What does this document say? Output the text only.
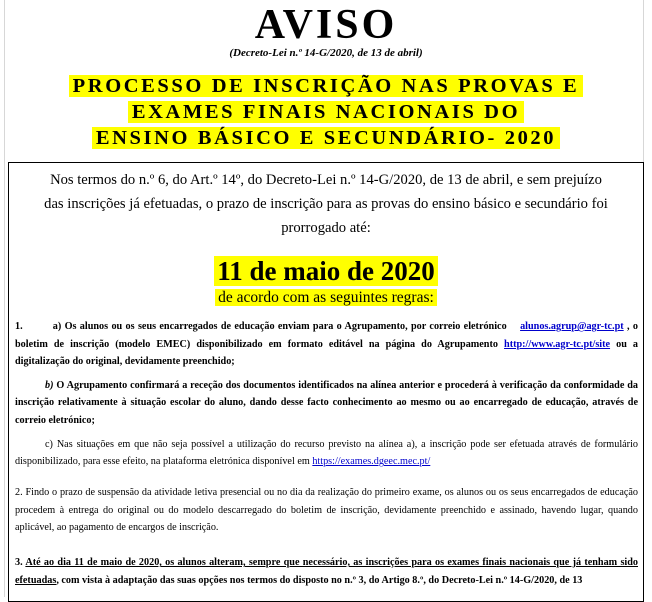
AVISO
(Decreto-Lei n.º 14-G/2020, de 13 de abril)
PROCESSO DE INSCRIÇÃO NAS PROVAS E
EXAMES FINAIS NACIONAIS DO
ENSINO BÁSICO E SECUNDÁRIO- 2020
Nos termos do n.º 6, do Art.º 14º, do Decreto-Lei n.º 14-G/2020, de 13 de abril, e sem prejuízo
das inscrições já efetuadas, o prazo de inscrição para as provas do ensino básico e secundário foi
prorrogado até:
11 de maio de 2020
de acordo com as seguintes regras:
1.	a) Os alunos ou os seus encarregados de educação enviam para o Agrupamento, por correio eletrónico alunos.agrup@agr-tc.pt , o boletim de inscrição (modelo EMEC) disponibilizado em formato editável na página do Agrupamento http://www.agr-tc.pt/site ou a digitalização do original, devidamente preenchido;
b) O Agrupamento confirmará a receção dos documentos identificados na alínea anterior e procederá à verificação da conformidade da inscrição relativamente à situação escolar do aluno, dando desse facto conhecimento ao mesmo ou ao encarregado de educação, através de correio eletrónico;
c) Nas situações em que não seja possível a utilização do recurso previsto na alínea a), a inscrição pode ser efetuada através de formulário disponibilizado, para esse efeito, na plataforma eletrónica disponível em https://exames.dgeec.mec.pt/
2. Findo o prazo de suspensão da atividade letiva presencial ou no dia da realização do primeiro exame, os alunos ou os seus encarregados de educação procedem à entrega do original ou do modelo descarregado do boletim de inscrição, devidamente preenchido e assinado, havendo lugar, quando aplicável, ao pagamento de encargos de inscrição.
3. Até ao dia 11 de maio de 2020, os alunos alteram, sempre que necessário, as inscrições para os exames finais nacionais que já tenham sido efetuadas, com vista à adaptação das suas opções nos termos do disposto no n.º 3, do Artigo 8.º, do Decreto-Lei n.º 14-G/2020, de 13
